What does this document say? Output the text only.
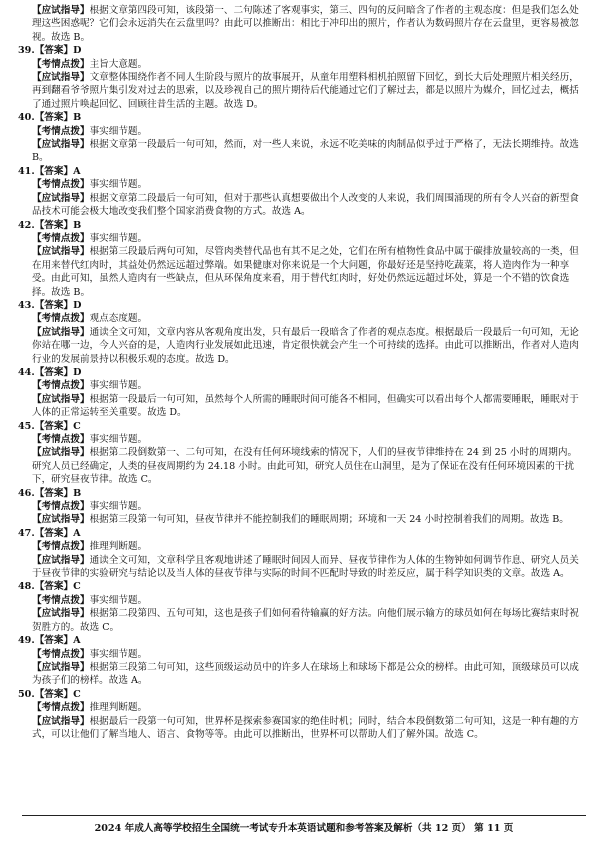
【应试指导】根据文章第四段可知，该段第一、二句陈述了客观事实，第三、四句的反问暗含了作者的主观态度：但是我们怎么处理这些困惑呢？它们会永远消失在云盘里吗？由此可以推断出：相比于冲印出的照片，作者认为数码照片存在云盘里，更容易被忽视。故选 B。

39.【答案】D

【考情点拨】主旨大意题。

【应试指导】文章整体围绕作者不同人生阶段与照片的故事展开，从童年用塑料相机拍照留下回忆，到长大后处理照片相关经历，再到翻看爷爷照片集引发对过去的思索，以及珍视自己的照片期待后代能通过它们了解过去，都是以照片为媒介，回忆过去，概括了通过照片唤起回忆、回顾往昔生活的主题。故选 D。

40.【答案】B

【考情点拨】事实细节题。

【应试指导】根据文章第一段最后一句可知，然而，对一些人来说，永远不吃美味的肉制品似乎过于严格了，无法长期维持。故选 B。

41.【答案】A

【考情点拨】事实细节题。

【应试指导】根据文章第二段最后一句可知，但对于那些认真想要做出个人改变的人来说，我们周围涌现的所有令人兴奋的新型食品技术可能会极大地改变我们整个国家消费食物的方式。故选 A。

42.【答案】B

【考情点拨】事实细节题。

【应试指导】根据第三段最后两句可知，尽管肉类替代品也有其不足之处，它们在所有植物性食品中属于碳排放量较高的一类，但在用来替代红肉时，其益处仍然远远超过弊端。如果健康对你来说是一个大问题，你最好还是坚持吃蔬菜，将人造肉作为一种享受。由此可知，虽然人造肉有一些缺点，但从环保角度来看，用于替代红肉时，好处仍然远远超过坏处，算是一个不错的饮食选择。故选 B。

43.【答案】D

【考情点拨】观点态度题。

【应试指导】通读全文可知，文章内容从客观角度出发，只有最后一段暗含了作者的观点态度。根据最后一段最后一句可知，无论你站在哪一边，今人兴奋的是，人造肉行业发展如此迅速，肯定很快就会产生一个可持续的选择。由此可以推断出，作者对人造肉行业的发展前景持以积极乐观的态度。故选 D。

44.【答案】D

【考情点拨】事实细节题。

【应试指导】根据第一段最后一句可知，虽然每个人所需的睡眠时间可能各不相同，但确实可以看出每个人都需要睡眠，睡眠对于人体的正常运转至关重要。故选 D。

45.【答案】C

【考情点拨】事实细节题。

【应试指导】根据第二段倒数第一、二句可知，在没有任何环境线索的情况下，人们的昼夜节律维持在 24 到 25 小时的周期内。研究人员已经确定，人类的昼夜周期约为 24.18 小时。由此可知，研究人员住在山洞里，是为了保证在没有任何环境因素的干扰下，研究昼夜节律。故选 C。

46.【答案】B

【考情点拨】事实细节题。

【应试指导】根据第三段第一句可知，昼夜节律并不能控制我们的睡眠周期；环境和一天 24 小时控制着我们的周期。故选 B。

47.【答案】A

【考情点拨】推理判断题。

【应试指导】通读全文可知，文章科学且客观地讲述了睡眠时间因人而异、昼夜节律作为人体的生物钟如何调节作息、研究人员关于昼夜节律的实验研究与结论以及当人体的昼夜节律与实际的时间不匹配时导致的时差反应，属于科学知识类的文章。故选 A。

48.【答案】C

【考情点拨】事实细节题。

【应试指导】根据第二段第四、五句可知，这也是孩子们如何看待输赢的好方法。向他们展示输方的球员如何在每场比赛结束时祝贺胜方的。故选 C。

49.【答案】A

【考情点拨】事实细节题。

【应试指导】根据第三段第二句可知，这些顶级运动员中的许多人在球场上和球场下都是公众的榜样。由此可知，顶级球员可以成为孩子们的榜样。故选 A。

50.【答案】C

【考情点拨】推理判断题。

【应试指导】根据最后一段第一句可知，世界杯是探索参赛国家的绝佳时机；同时，结合本段倒数第二句可知，这是一种有趣的方式，可以让他们了解当地人、语言、食物等等。由此可以推断出，世界杯可以帮助人们了解外国。故选 C。

2024 年成人高等学校招生全国统一考试专升本英语试题和参考答案及解析（共 12 页） 第 11 页
